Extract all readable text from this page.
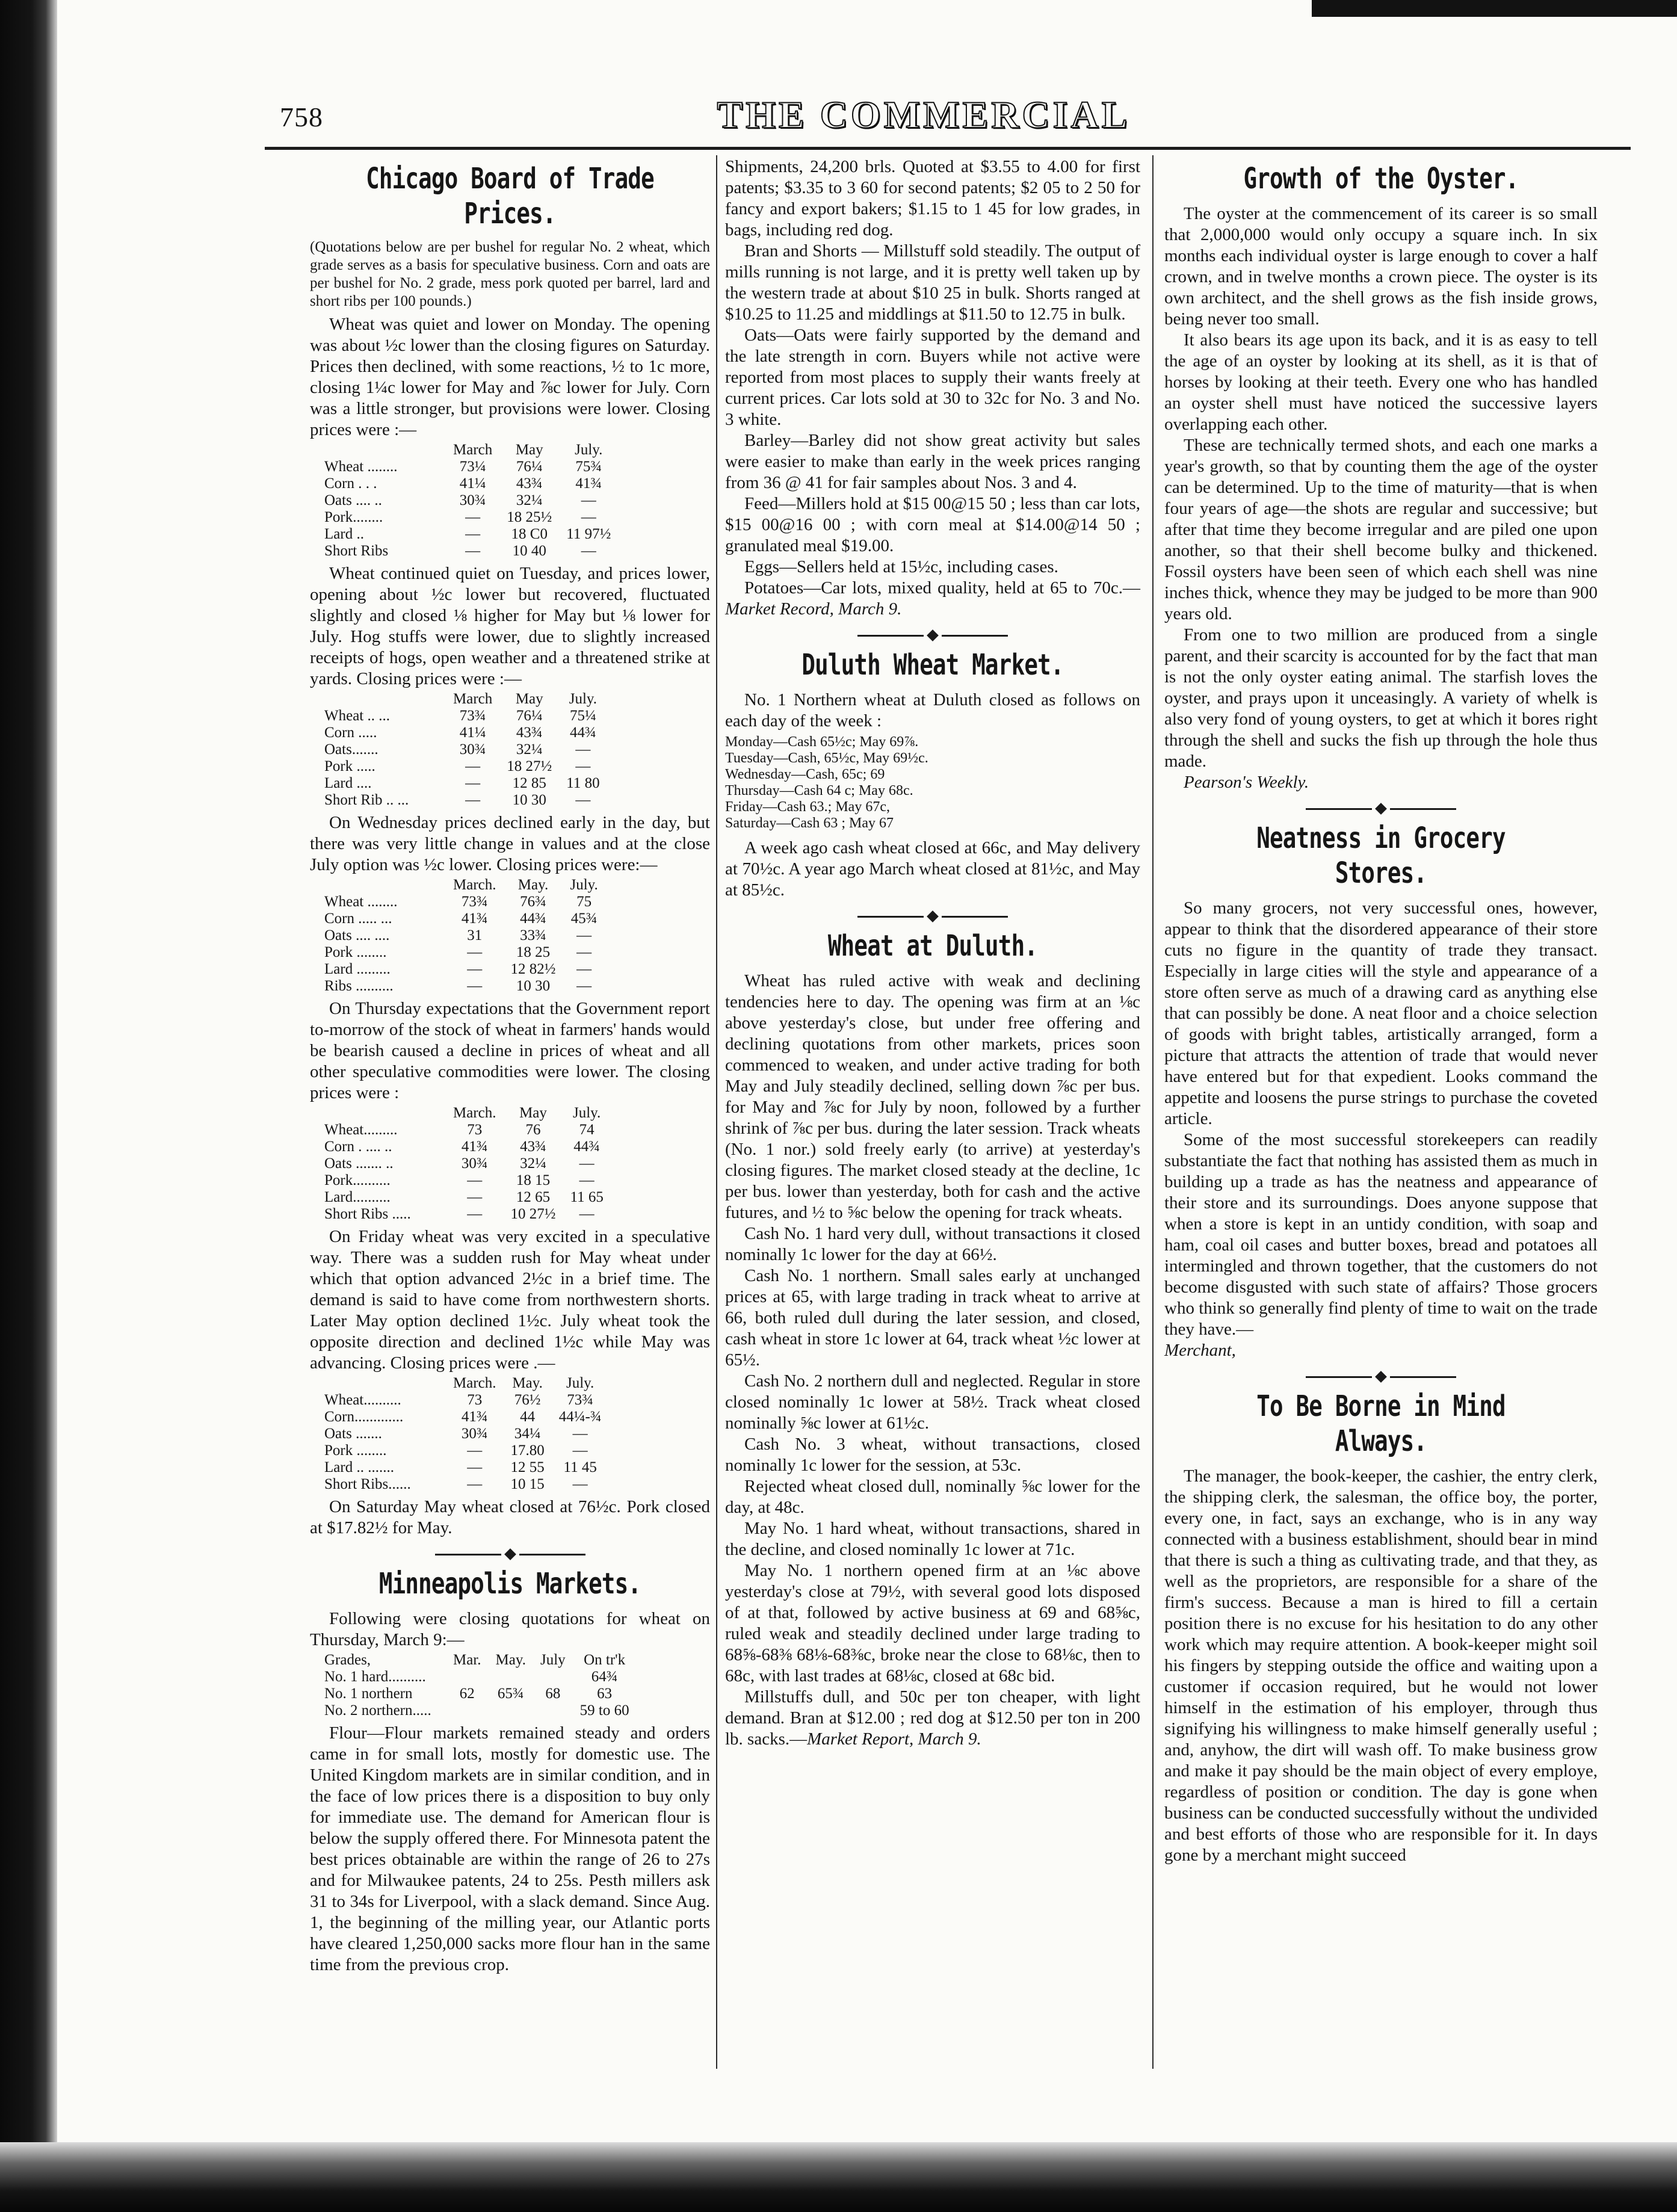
758	THE COMMERCIAL
Chicago Board of Trade Prices.
(Quotations below are per bushel for regular No. 2 wheat, which grade serves as a basis for speculative business. Corn and oats are per bushel for No. 2 grade, mess pork quoted per barrel, lard and short ribs per 100 pounds.)

Wheat was quiet and lower on Monday. The opening was about ½c lower than the closing figures on Saturday. Prices then declined, with some reactions, ½ to 1c more, closing 1¼c lower for May and ⅞c lower for July. Corn was a little stronger, but provisions were lower. Closing prices were :—

	March	May	July.
Wheat ........	73¼	76¼	75¾
Corn . . .	41¼	43¾	41¾
Oats .... ..	30¾	32¼	—
Pork........	—	18 25½	—
Lard ..	—	18 C0	11 97½
Short Ribs	—	10 40	—

Wheat continued quiet on Tuesday, and prices lower, opening about ½c lower but recovered, fluctuated slightly and closed ⅛ higher for May but ⅛ lower for July. Hog stuffs were lower, due to slightly increased receipts of hogs, open weather and a threatened strike at yards. Closing prices were :—

	March	May	July.
Wheat .. ...	73¾	76¼	75¼
Corn .....	41¼	43¾	44¾
Oats.......	30¾	32¼	—
Pork .....	—	18 27½	—
Lard ....	—	12 85	11 80
Short Rib .. ...	—	10 30	—

On Wednesday prices declined early in the day, but there was very little change in values and at the close July option was ½c lower. Closing prices were:—

	March.	May.	July.
Wheat ........	73¾	76¾	75
Corn ..... ...	41¾	44¾	45¾
Oats .... ....	31	33¾	—
Pork ........	—	18 25	—
Lard .........	—	12 82½	—
Ribs ..........	—	10 30	—

On Thursday expectations that the Government report to-morrow of the stock of wheat in farmers' hands would be bearish caused a decline in prices of wheat and all other speculative commodities were lower. The closing prices were :

	March.	May	July.
Wheat.........	73	76	74
Corn . .... ..	41¾	43¾	44¾
Oats ....... ..	30¾	32¼	—
Pork..........	—	18 15	—
Lard..........	—	12 65	11 65
Short Ribs .....	—	10 27½	—

On Friday wheat was very excited in a speculative way. There was a sudden rush for May wheat under which that option advanced 2½c in a brief time. The demand is said to have come from northwestern shorts. Later May option declined 1½c. July wheat took the opposite direction and declined 1½c while May was advancing. Closing prices were .—

	March.	May.	July.
Wheat..........	73	76½	73¾
Corn.............	41¾	44	44¼-¾
Oats .......	30¾	34¼	—
Pork ........	—	17.80	—
Lard .. .......	—	12 55	11 45
Short Ribs......	—	10 15	—

On Saturday May wheat closed at 76½c. Pork closed at $17.82½ for May.

Minneapolis Markets.

Following were closing quotations for wheat on Thursday, March 9:—

Grades,	Mar.	May.	July	On tr'k
No. 1 hard..........				64¾
No. 1 northern	62	65¾	68	63
No. 2 northern.....				59 to 60

Flour—Flour markets remained steady and orders came in for small lots, mostly for domestic use. The United Kingdom markets are in similar condition, and in the face of low prices there is a disposition to buy only for immediate use. The demand for American flour is below the supply offered there. For Minnesota patent the best prices obtainable are within the range of 26 to 27s and for Milwaukee patents, 24 to 25s. Pesth millers ask 31 to 34s for Liverpool, with a slack demand. Since Aug. 1, the beginning of the milling year, our Atlantic ports have cleared 1,250,000 sacks more flour han in the same time from the previous crop.

Shipments, 24,200 brls. Quoted at $3.55 to 4.00 for first patents; $3.35 to 3 60 for second patents; $2 05 to 2 50 for fancy and export bakers; $1.15 to 1 45 for low grades, in bags, including red dog.

Bran and Shorts — Millstuff sold steadily. The output of mills running is not large, and it is pretty well taken up by the western trade at about $10 25 in bulk. Shorts ranged at $10.25 to 11.25 and middlings at $11.50 to 12.75 in bulk.

Oats—Oats were fairly supported by the demand and the late strength in corn. Buyers while not active were reported from most places to supply their wants freely at current prices. Car lots sold at 30 to 32c for No. 3 and No. 3 white.

Barley—Barley did not show great activity but sales were easier to make than early in the week prices ranging from 36 @ 41 for fair samples about Nos. 3 and 4.

Feed—Millers hold at $15 00@15 50 ; less than car lots, $15 00@16 00 ; with corn meal at $14.00@14 50 ; granulated meal $19.00.

Eggs—Sellers held at 15½c, including cases.

Potatoes—Car lots, mixed quality, held at 65 to 70c.—Market Record, March 9.

Duluth Wheat Market.

No. 1 Northern wheat at Duluth closed as follows on each day of the week :

Monday—Cash 65½c; May 69⅞.
Tuesday—Cash, 65½c, May 69½c.
Wednesday—Cash, 65c; 69
Thursday—Cash 64 c; May 68c.
Friday—Cash 63.; May 67c,
Saturday—Cash 63 ; May 67

A week ago cash wheat closed at 66c, and May delivery at 70½c. A year ago March wheat closed at 81½c, and May at 85½c.

Wheat at Duluth.

Wheat has ruled active with weak and declining tendencies here to day. The opening was firm at an ⅛c above yesterday's close, but under free offering and declining quotations from other markets, prices soon commenced to weaken, and under active trading for both May and July steadily declined, selling down ⅞c per bus. for May and ⅞c for July by noon, followed by a further shrink of ⅞c per bus. during the later session. Track wheats (No. 1 nor.) sold freely early (to arrive) at yesterday's closing figures. The market closed steady at the decline, 1c per bus. lower than yesterday, both for cash and the active futures, and ½ to ⅝c below the opening for track wheats.

Cash No. 1 hard very dull, without transactions it closed nominally 1c lower for the day at 66½.

Cash No. 1 northern. Small sales early at unchanged prices at 65, with large trading in track wheat to arrive at 66, both ruled dull during the later session, and closed, cash wheat in store 1c lower at 64, track wheat ½c lower at 65½.

Cash No. 2 northern dull and neglected. Regular in store closed nominally 1c lower at 58½. Track wheat closed nominally ⅝c lower at 61½c.

Cash No. 3 wheat, without transactions, closed nominally 1c lower for the session, at 53c.

Rejected wheat closed dull, nominally ⅝c lower for the day, at 48c.

May No. 1 hard wheat, without transactions, shared in the decline, and closed nominally 1c lower at 71c.

May No. 1 northern opened firm at an ⅛c above yesterday's close at 79½, with several good lots disposed of at that, followed by active business at 69 and 68⅝c, ruled weak and steadily declined under large trading to 68⅝-68⅜ 68⅛-68⅜c, broke near the close to 68⅛c, then to 68c, with last trades at 68⅛c, closed at 68c bid.

Millstuffs dull, and 50c per ton cheaper, with light demand. Bran at $12.00 ; red dog at $12.50 per ton in 200 lb. sacks.—Market Report, March 9.

Growth of the Oyster.

The oyster at the commencement of its career is so small that 2,000,000 would only occupy a square inch. In six months each individual oyster is large enough to cover a half crown, and in twelve months a crown piece. The oyster is its own architect, and the shell grows as the fish inside grows, being never too small.

It also bears its age upon its back, and it is as easy to tell the age of an oyster by looking at its shell, as it is that of horses by looking at their teeth. Every one who has handled an oyster shell must have noticed the successive layers overlapping each other.

These are technically termed shots, and each one marks a year's growth, so that by counting them the age of the oyster can be determined. Up to the time of maturity—that is when four years of age—the shots are regular and successive; but after that time they become irregular and are piled one upon another, so that their shell become bulky and thickened. Fossil oysters have been seen of which each shell was nine inches thick, whence they may be judged to be more than 900 years old.

From one to two million are produced from a single parent, and their scarcity is accounted for by the fact that man is not the only oyster eating animal. The starfish loves the oyster, and prays upon it unceasingly. A variety of whelk is also very fond of young oysters, to get at which it bores right through the shell and sucks the fish up through the hole thus made.

Pearson's Weekly.

Neatness in Grocery Stores.

So many grocers, not very successful ones, however, appear to think that the disordered appearance of their store cuts no figure in the quantity of trade they transact. Especially in large cities will the style and appearance of a store often serve as much of a drawing card as anything else that can possibly be done. A neat floor and a choice selection of goods with bright tables, artistically arranged, form a picture that attracts the attention of trade that would never have entered but for that expedient. Looks command the appetite and loosens the purse strings to purchase the coveted article.

Some of the most successful storekeepers can readily substantiate the fact that nothing has assisted them as much in building up a trade as has the neatness and appearance of their store and its surroundings. Does anyone suppose that when a store is kept in an untidy condition, with soap and ham, coal oil cases and butter boxes, bread and potatoes all intermingled and thrown together, that the customers do not become disgusted with such state of affairs? Those grocers who think so generally find plenty of time to wait on the trade they have.—

Merchant,

To Be Borne in Mind Always.

The manager, the book-keeper, the cashier, the entry clerk, the shipping clerk, the salesman, the office boy, the porter, every one, in fact, says an exchange, who is in any way connected with a business establishment, should bear in mind that there is such a thing as cultivating trade, and that they, as well as the proprietors, are responsible for a share of the firm's success. Because a man is hired to fill a certain position there is no excuse for his hesitation to do any other work which may require attention. A book-keeper might soil his fingers by stepping outside the office and waiting upon a customer if occasion required, but he would not lower himself in the estimation of his employer, through thus signifying his willingness to make himself generally useful ; and, anyhow, the dirt will wash off. To make business grow and make it pay should be the main object of every employe, regardless of position or condition. The day is gone when business can be conducted successfully without the undivided and best efforts of those who are responsible for it. In days gone by a merchant might succeed
